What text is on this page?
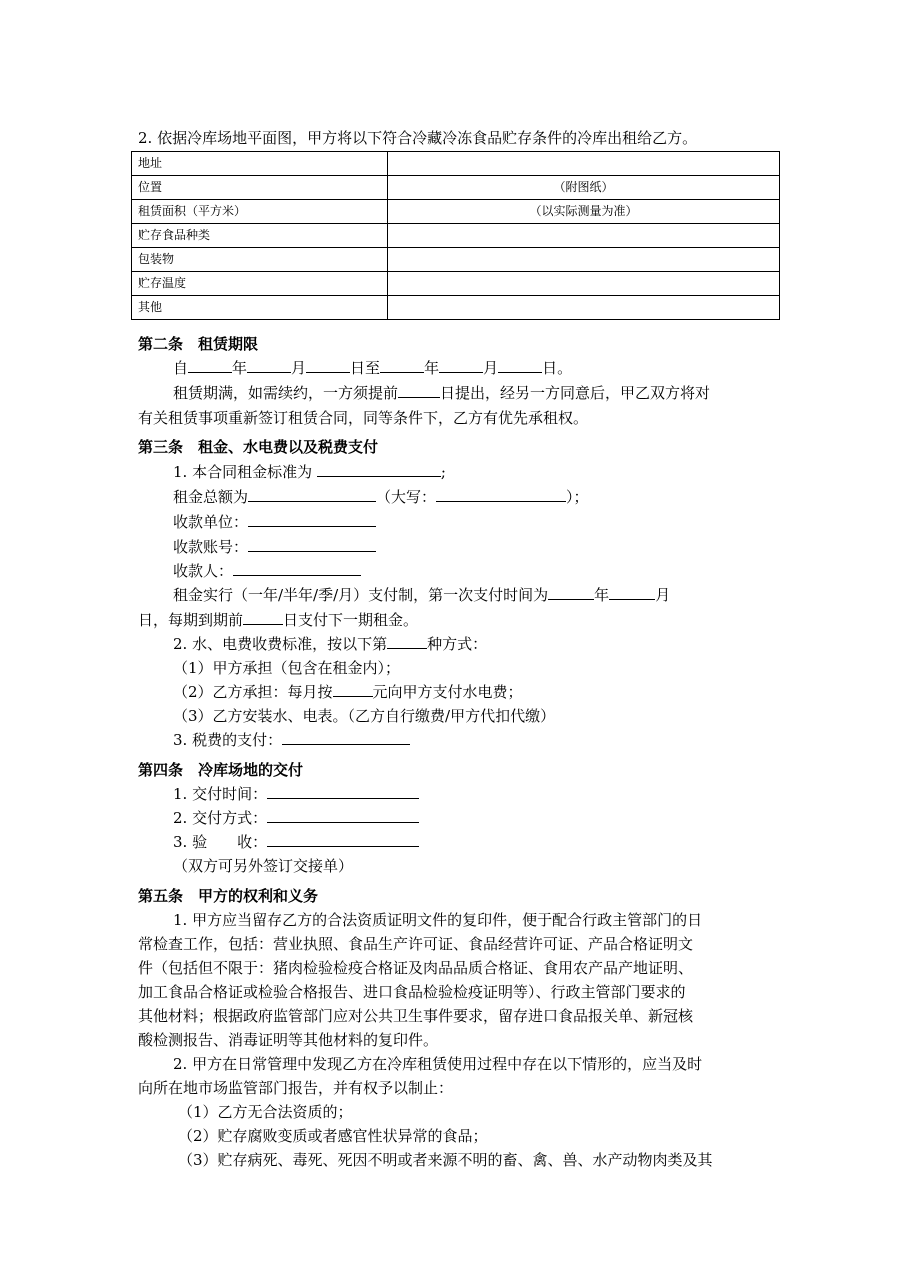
2. 依据冷库场地平面图，甲方将以下符合冷藏冷冻食品贮存条件的冷库出租给乙方。
地址	
位置	（附图纸）
租赁面积（平方米）	（以实际测量为准）
贮存食品种类	
包装物	
贮存温度	
其他	
第二条　租赁期限
自	年	月	日至	年	月	日。
租赁期满，如需续约，一方须提前	日提出，经另一方同意后，甲乙双方将对
有关租赁事项重新签订租赁合同，同等条件下，乙方有优先承租权。
第三条　租金、水电费以及税费支付
1. 本合同租金标准为	;
租金总额为	（大写：	）；
收款单位：
收款账号：
收款人：
租金实行（一年/半年/季/月）支付制，第一次支付时间为	年	月
日，每期到期前	日支付下一期租金。
2. 水、电费收费标准，按以下第	种方式：
（1）甲方承担（包含在租金内）；
（2）乙方承担：每月按	元向甲方支付水电费；
（3）乙方安装水、电表。（乙方自行缴费/甲方代扣代缴）
3. 税费的支付：
第四条　冷库场地的交付
1. 交付时间：
2. 交付方式：
3. 验　　收：
（双方可另外签订交接单）
第五条　甲方的权利和义务
1. 甲方应当留存乙方的合法资质证明文件的复印件，便于配合行政主管部门的日
常检查工作，包括：营业执照、食品生产许可证、食品经营许可证、产品合格证明文
件（包括但不限于：猪肉检验检疫合格证及肉品品质合格证、食用农产品产地证明、
加工食品合格证或检验合格报告、进口食品检验检疫证明等）、行政主管部门要求的
其他材料；根据政府监管部门应对公共卫生事件要求，留存进口食品报关单、新冠核
酸检测报告、消毒证明等其他材料的复印件。
2. 甲方在日常管理中发现乙方在冷库租赁使用过程中存在以下情形的，应当及时
向所在地市场监管部门报告，并有权予以制止：
（1）乙方无合法资质的；
（2）贮存腐败变质或者感官性状异常的食品；
（3）贮存病死、毒死、死因不明或者来源不明的畜、禽、兽、水产动物肉类及其
